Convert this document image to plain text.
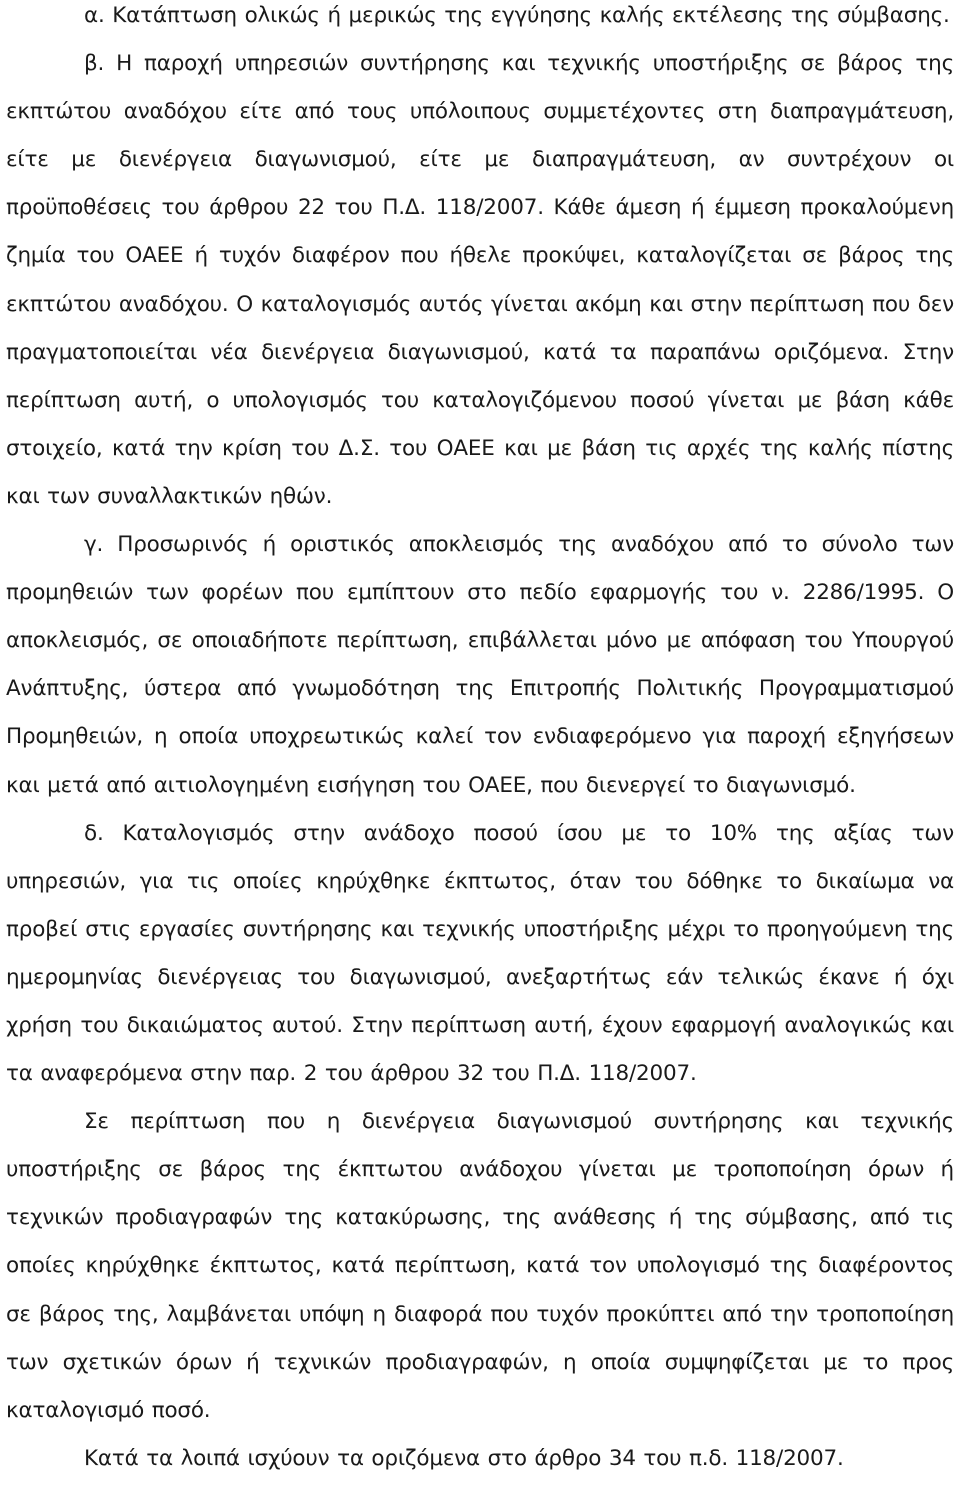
α. Κατάπτωση ολικώς ή μερικώς της εγγύησης καλής εκτέλεσης της σύμβασης.

β. Η παροχή υπηρεσιών συντήρησης και τεχνικής υποστήριξης σε βάρος της εκπτώτου αναδόχου είτε από τους υπόλοιπους συμμετέχοντες στη διαπραγμάτευση, είτε με διενέργεια διαγωνισμού, είτε με διαπραγμάτευση, αν συντρέχουν οι προϋποθέσεις του άρθρου 22 του Π.Δ. 118/2007. Κάθε άμεση ή έμμεση προκαλούμενη ζημία του ΟΑΕΕ ή τυχόν διαφέρον που ήθελε προκύψει, καταλογίζεται σε βάρος της εκπτώτου αναδόχου. Ο καταλογισμός αυτός γίνεται ακόμη και στην περίπτωση που δεν πραγματοποιείται νέα διενέργεια διαγωνισμού, κατά τα παραπάνω οριζόμενα. Στην περίπτωση αυτή, ο υπολογισμός του καταλογιζόμενου ποσού γίνεται με βάση κάθε στοιχείο, κατά την κρίση του Δ.Σ. του ΟΑΕΕ και με βάση τις αρχές της καλής πίστης και των συναλλακτικών ηθών.

γ. Προσωρινός ή οριστικός αποκλεισμός της αναδόχου από το σύνολο των προμηθειών των φορέων που εμπίπτουν στο πεδίο εφαρμογής του ν. 2286/1995. Ο αποκλεισμός, σε οποιαδήποτε περίπτωση, επιβάλλεται μόνο με απόφαση του Υπουργού Ανάπτυξης, ύστερα από γνωμοδότηση της Επιτροπής Πολιτικής Προγραμματισμού Προμηθειών, η οποία υποχρεωτικώς καλεί τον ενδιαφερόμενο για παροχή εξηγήσεων και μετά από αιτιολογημένη εισήγηση του ΟΑΕΕ, που διενεργεί το διαγωνισμό.

δ. Καταλογισμός στην ανάδοχο ποσού ίσου με το 10% της αξίας των υπηρεσιών, για τις οποίες κηρύχθηκε έκπτωτος, όταν του δόθηκε το δικαίωμα να προβεί στις εργασίες συντήρησης και τεχνικής υποστήριξης μέχρι το προηγούμενη της ημερομηνίας διενέργειας του διαγωνισμού, ανεξαρτήτως εάν τελικώς έκανε ή όχι χρήση του δικαιώματος αυτού. Στην περίπτωση αυτή, έχουν εφαρμογή αναλογικώς και τα αναφερόμενα στην παρ. 2 του άρθρου 32 του Π.Δ. 118/2007.

Σε περίπτωση που η διενέργεια διαγωνισμού συντήρησης και τεχνικής υποστήριξης σε βάρος της έκπτωτου ανάδοχου γίνεται με τροποποίηση όρων ή τεχνικών προδιαγραφών της κατακύρωσης, της ανάθεσης ή της σύμβασης, από τις οποίες κηρύχθηκε έκπτωτος, κατά περίπτωση, κατά τον υπολογισμό της διαφέροντος σε βάρος της, λαμβάνεται υπόψη η διαφορά που τυχόν προκύπτει από την τροποποίηση των σχετικών όρων ή τεχνικών προδιαγραφών, η οποία συμψηφίζεται με το προς καταλογισμό ποσό.

Κατά τα λοιπά ισχύουν τα οριζόμενα στο άρθρο 34 του π.δ. 118/2007.
